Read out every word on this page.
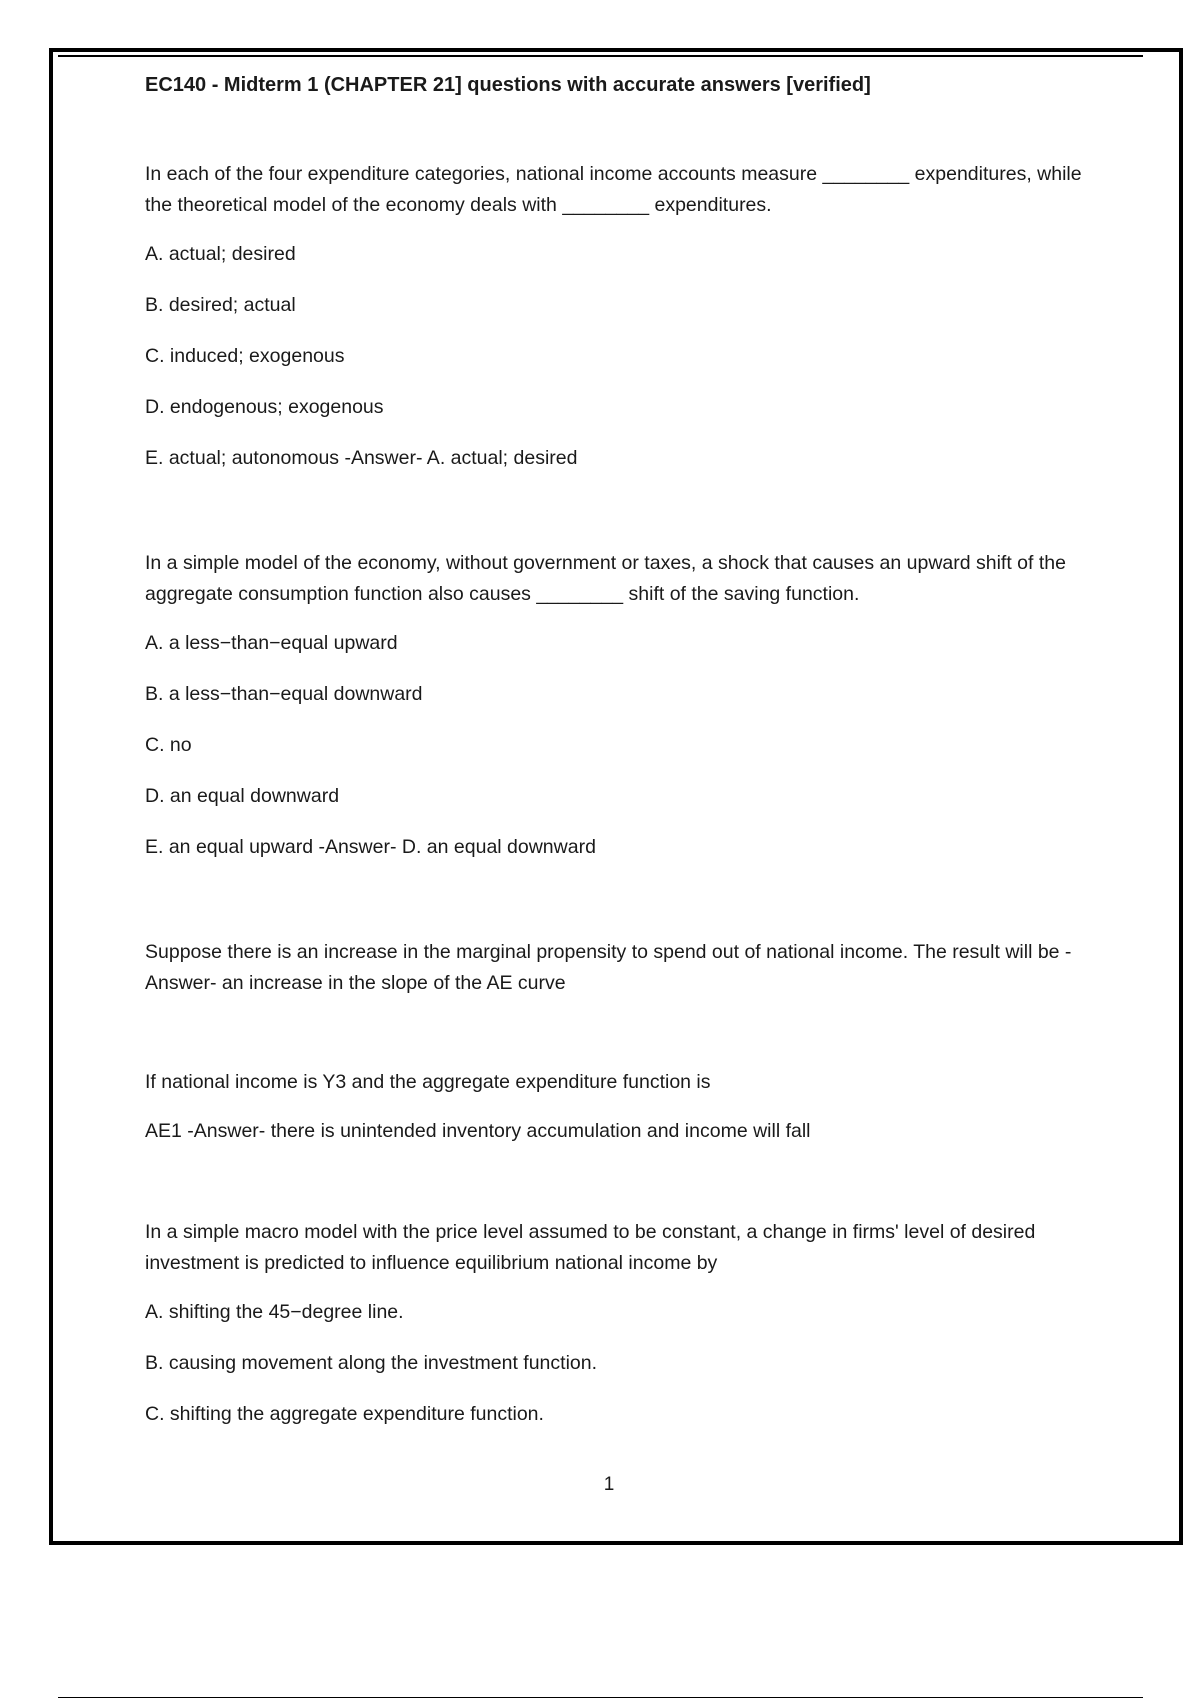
EC140 - Midterm 1 (CHAPTER 21] questions with accurate answers [verified]

In each of the four expenditure categories, national income accounts measure ________ expenditures, while the theoretical model of the economy deals with ________ expenditures.

A. actual; desired

B. desired; actual

C. induced; exogenous

D. endogenous; exogenous

E. actual; autonomous -Answer- A. actual; desired

In a simple model of the economy, without government or taxes, a shock that causes an upward shift of the aggregate consumption function also causes ________ shift of the saving function.

A. a less−than−equal upward

B. a less−than−equal downward

C. no

D. an equal downward

E. an equal upward -Answer- D. an equal downward

Suppose there is an increase in the marginal propensity to spend out of national income. The result will be -Answer- an increase in the slope of the AE curve

If national income is Y3 and the aggregate expenditure function is

AE1 -Answer- there is unintended inventory accumulation and income will fall

In a simple macro model with the price level assumed to be constant, a change in firms' level of desired investment is predicted to influence equilibrium national income by

A. shifting the 45−degree line.

B. causing movement along the investment function.

C. shifting the aggregate expenditure function.

1
